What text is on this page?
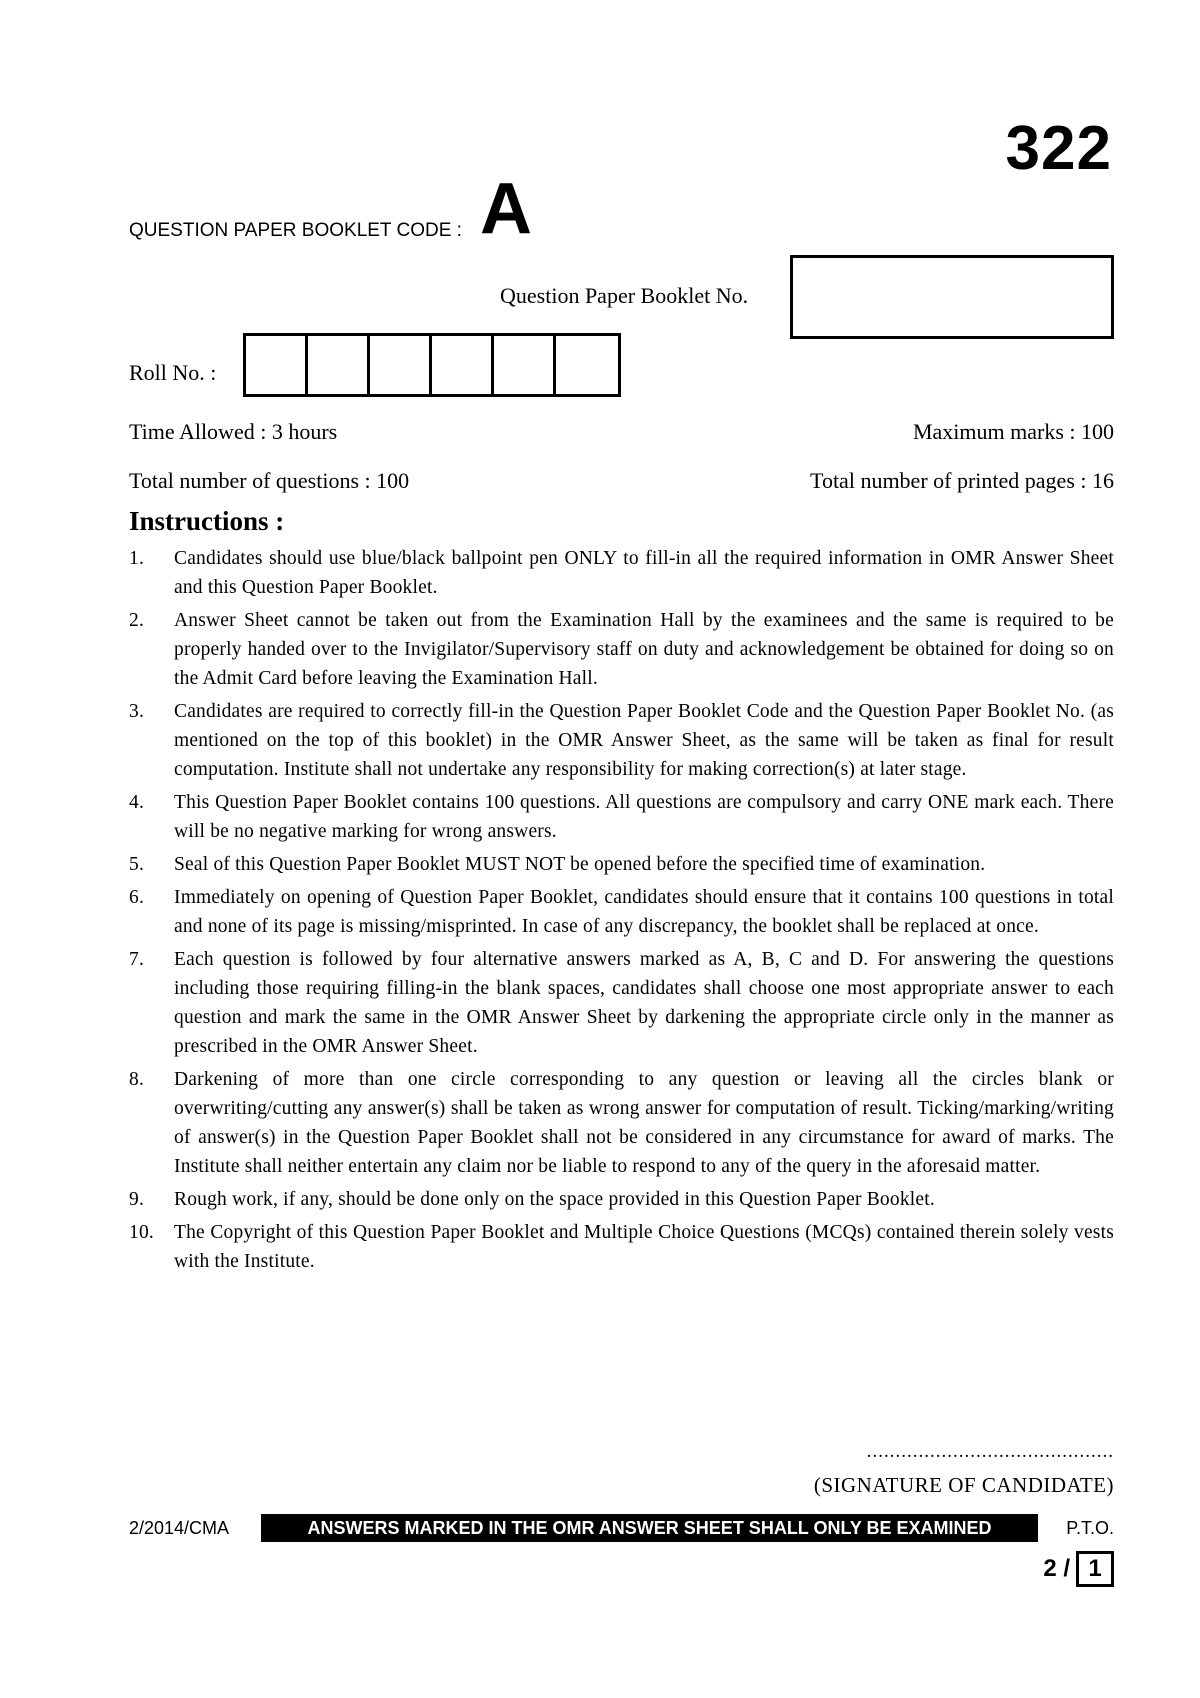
322
QUESTION PAPER BOOKLET CODE : A
Question Paper Booklet No.
Roll No. :
Time Allowed : 3 hours	Maximum marks : 100
Total number of questions : 100	Total number of printed pages : 16
Instructions :
1.	Candidates should use blue/black ballpoint pen ONLY to fill-in all the required information in OMR Answer Sheet and this Question Paper Booklet.
2.	Answer Sheet cannot be taken out from the Examination Hall by the examinees and the same is required to be properly handed over to the Invigilator/Supervisory staff on duty and acknowledgement be obtained for doing so on the Admit Card before leaving the Examination Hall.
3.	Candidates are required to correctly fill-in the Question Paper Booklet Code and the Question Paper Booklet No. (as mentioned on the top of this booklet) in the OMR Answer Sheet, as the same will be taken as final for result computation. Institute shall not undertake any responsibility for making correction(s) at later stage.
4.	This Question Paper Booklet contains 100 questions. All questions are compulsory and carry ONE mark each. There will be no negative marking for wrong answers.
5.	Seal of this Question Paper Booklet MUST NOT be opened before the specified time of examination.
6.	Immediately on opening of Question Paper Booklet, candidates should ensure that it contains 100 questions in total and none of its page is missing/misprinted. In case of any discrepancy, the booklet shall be replaced at once.
7.	Each question is followed by four alternative answers marked as A, B, C and D. For answering the questions including those requiring filling-in the blank spaces, candidates shall choose one most appropriate answer to each question and mark the same in the OMR Answer Sheet by darkening the appropriate circle only in the manner as prescribed in the OMR Answer Sheet.
8.	Darkening of more than one circle corresponding to any question or leaving all the circles blank or overwriting/cutting any answer(s) shall be taken as wrong answer for computation of result. Ticking/marking/writing of answer(s) in the Question Paper Booklet shall not be considered in any circumstance for award of marks. The Institute shall neither entertain any claim nor be liable to respond to any of the query in the aforesaid matter.
9.	Rough work, if any, should be done only on the space provided in this Question Paper Booklet.
10.	The Copyright of this Question Paper Booklet and Multiple Choice Questions (MCQs) contained therein solely vests with the Institute.
...........................................
(SIGNATURE OF CANDIDATE)
2/2014/CMA	ANSWERS MARKED IN THE OMR ANSWER SHEET SHALL ONLY BE EXAMINED	P.T.O.
2 / 1
